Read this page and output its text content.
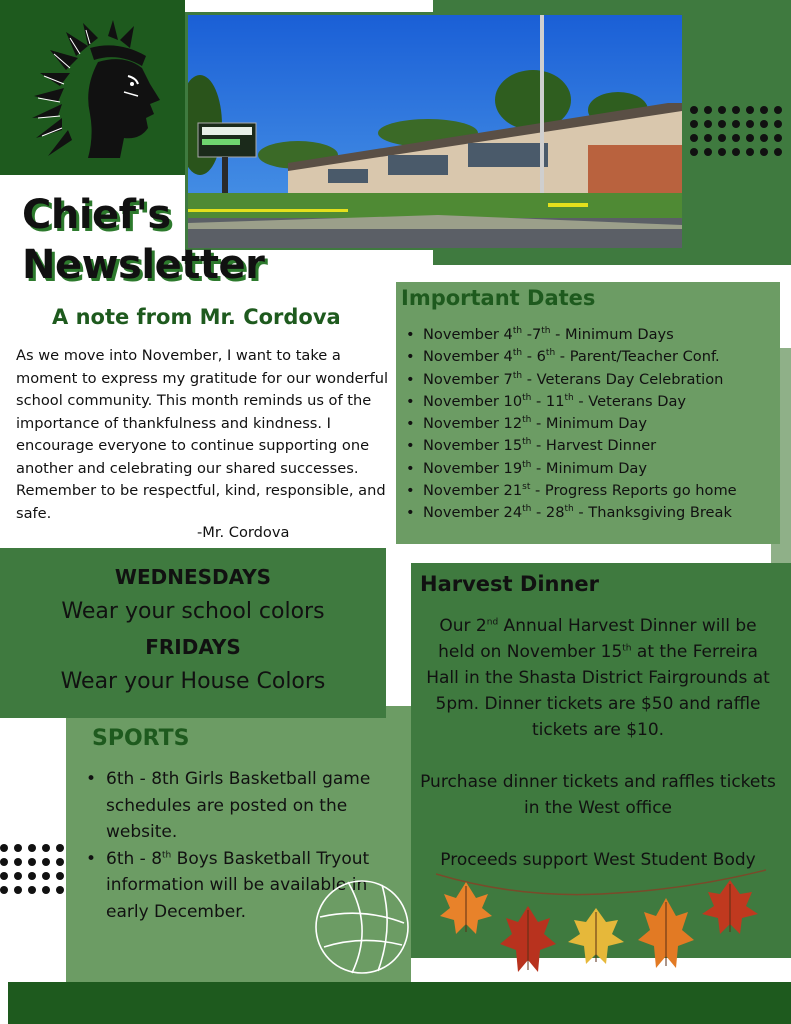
Chief's
Newsletter
A note from Mr. Cordova
As we move into November, I want to take a moment to express my gratitude for our wonderful school community. This month reminds us of the importance of thankfulness and kindness. I encourage everyone to continue supporting one another and celebrating our shared successes. Remember to be respectful, kind, responsible, and safe.
-Mr. Cordova
Important Dates
• November 4th -7th - Minimum Days
• November 4th - 6th - Parent/Teacher Conf.
• November 7th - Veterans Day Celebration
• November 10th - 11th - Veterans Day
• November 12th - Minimum Day
• November 15th - Harvest Dinner
• November 19th - Minimum Day
• November 21st - Progress Reports go home
• November 24th - 28th - Thanksgiving Break
WEDNESDAYS
Wear your school colors
FRIDAYS
Wear your House Colors
SPORTS
• 6th - 8th Girls Basketball game schedules are posted on the website.
• 6th - 8th Boys Basketball Tryout information will be available in early December.
Harvest Dinner

Our 2nd Annual Harvest Dinner will be held on November 15th at the Ferreira Hall in the Shasta District Fairgrounds at 5pm. Dinner tickets are $50 and raffle tickets are $10.

Purchase dinner tickets and raffles tickets in the West office

Proceeds support West Student Body
